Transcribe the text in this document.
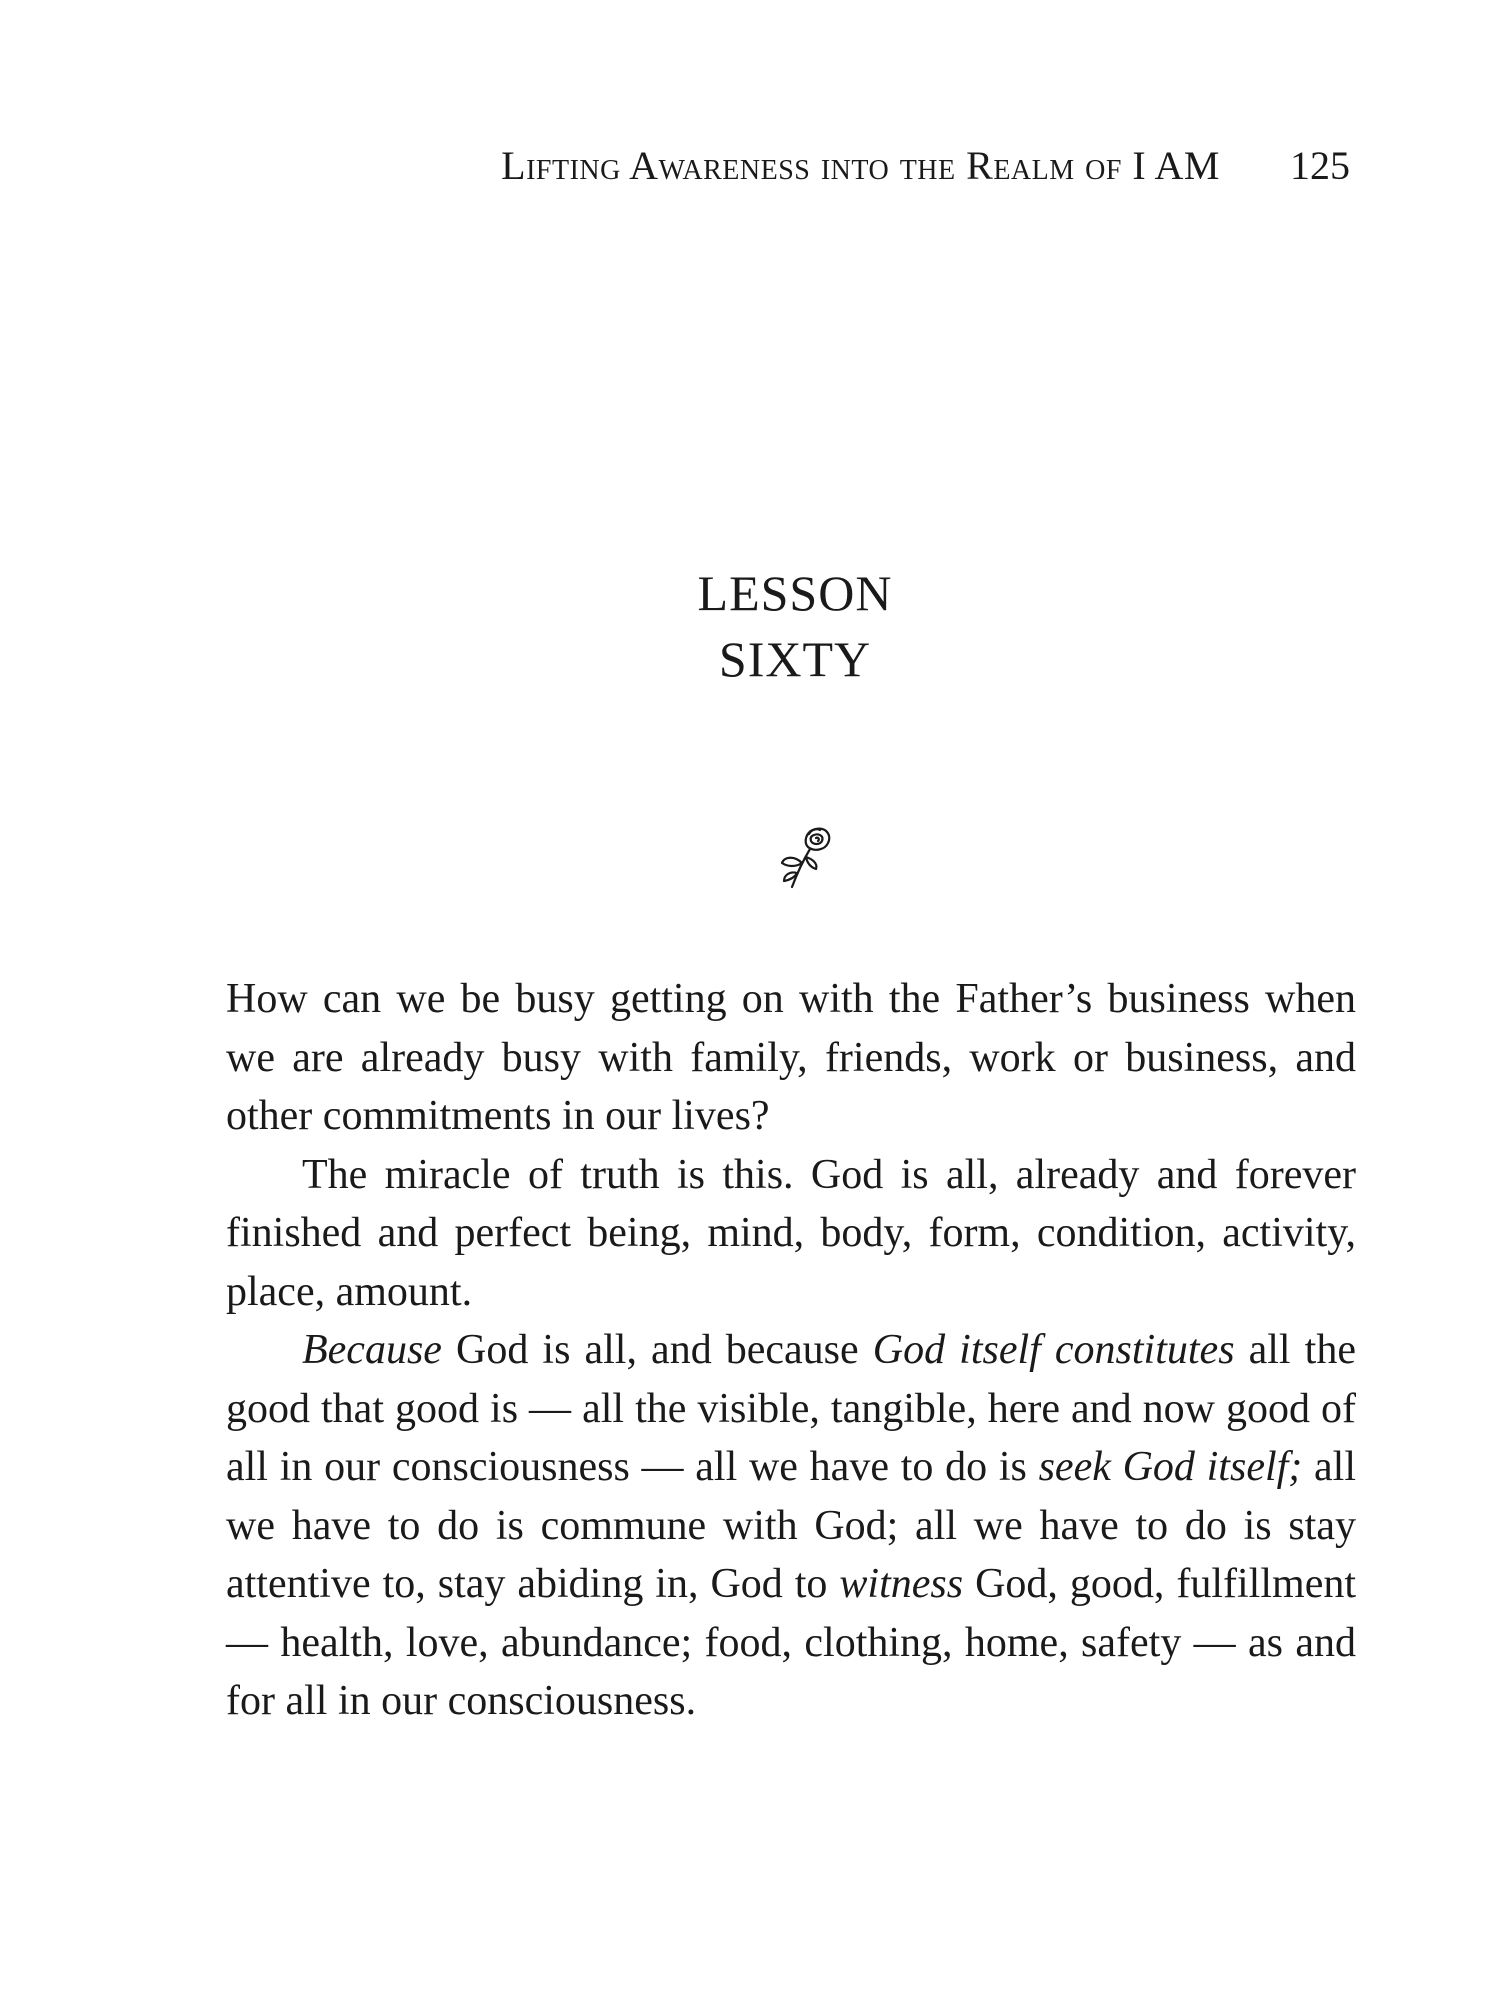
Lifting Awareness into the Realm of I AM 125
LESSON
SIXTY

How can we be busy getting on with the Father’s business when we are already busy with family, friends, work or business, and other commitments in our lives?

The miracle of truth is this. God is all, already and forever finished and perfect being, mind, body, form, condition, activity, place, amount.

Because God is all, and because God itself constitutes all the good that good is — all the visible, tangible, here and now good of all in our consciousness — all we have to do is seek God itself; all we have to do is commune with God; all we have to do is stay attentive to, stay abiding in, God to witness God, good, fulfillment — health, love, abundance; food, clothing, home, safety — as and for all in our consciousness.
